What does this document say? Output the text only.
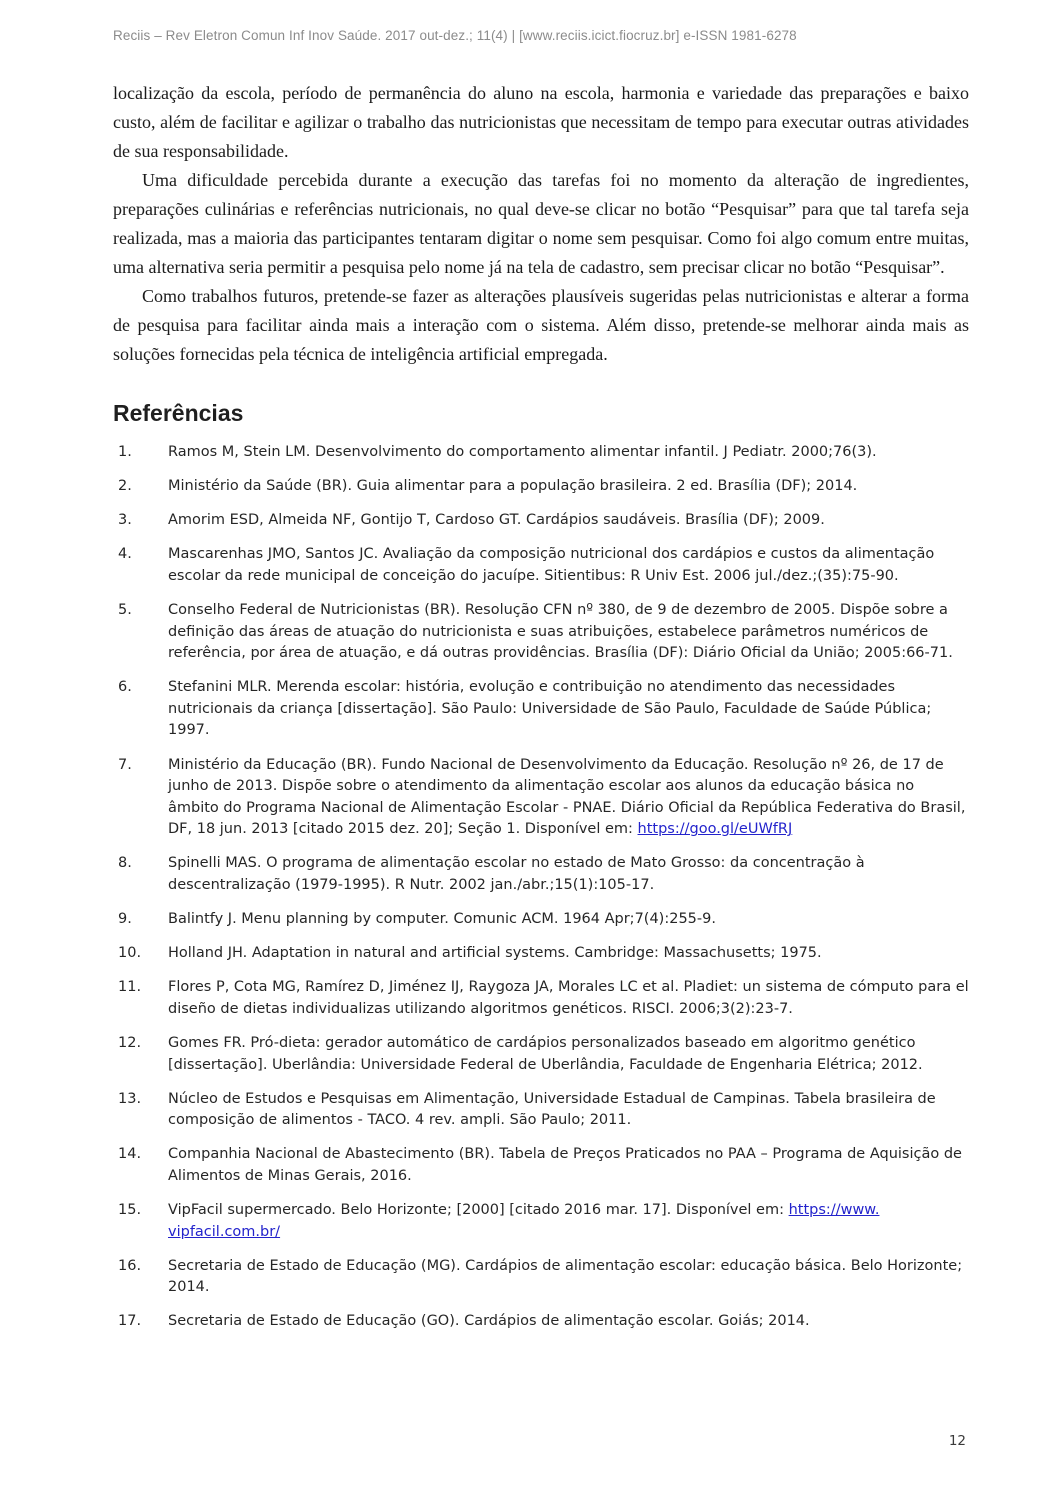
Reciis – Rev Eletron Comun Inf Inov Saúde. 2017 out-dez.; 11(4) | [www.reciis.icict.fiocruz.br] e-ISSN 1981-6278

localização da escola, período de permanência do aluno na escola, harmonia e variedade das preparações e baixo custo, além de facilitar e agilizar o trabalho das nutricionistas que necessitam de tempo para executar outras atividades de sua responsabilidade.

Uma dificuldade percebida durante a execução das tarefas foi no momento da alteração de ingredientes, preparações culinárias e referências nutricionais, no qual deve-se clicar no botão “Pesquisar” para que tal tarefa seja realizada, mas a maioria das participantes tentaram digitar o nome sem pesquisar. Como foi algo comum entre muitas, uma alternativa seria permitir a pesquisa pelo nome já na tela de cadastro, sem precisar clicar no botão “Pesquisar”.

Como trabalhos futuros, pretende-se fazer as alterações plausíveis sugeridas pelas nutricionistas e alterar a forma de pesquisa para facilitar ainda mais a interação com o sistema. Além disso, pretende-se melhorar ainda mais as soluções fornecidas pela técnica de inteligência artificial empregada.

Referências
1.	Ramos M, Stein LM. Desenvolvimento do comportamento alimentar infantil. J Pediatr. 2000;76(3).
2.	Ministério da Saúde (BR). Guia alimentar para a população brasileira. 2 ed. Brasília (DF); 2014.
3.	Amorim ESD, Almeida NF, Gontijo T, Cardoso GT. Cardápios saudáveis. Brasília (DF); 2009.
4.	Mascarenhas JMO, Santos JC. Avaliação da composição nutricional dos cardápios e custos da alimentação escolar da rede municipal de conceição do jacuípe. Sitientibus: R Univ Est. 2006 jul./dez.;(35):75-90.
5.	Conselho Federal de Nutricionistas (BR). Resolução CFN nº 380, de 9 de dezembro de 2005. Dispõe sobre a definição das áreas de atuação do nutricionista e suas atribuições, estabelece parâmetros numéricos de referência, por área de atuação, e dá outras providências. Brasília (DF): Diário Oficial da União; 2005:66-71.
6.	Stefanini MLR. Merenda escolar: história, evolução e contribuição no atendimento das necessidades nutricionais da criança [dissertação]. São Paulo: Universidade de São Paulo, Faculdade de Saúde Pública; 1997.
7.	Ministério da Educação (BR). Fundo Nacional de Desenvolvimento da Educação. Resolução nº 26, de 17 de junho de 2013. Dispõe sobre o atendimento da alimentação escolar aos alunos da educação básica no âmbito do Programa Nacional de Alimentação Escolar - PNAE. Diário Oficial da República Federativa do Brasil, DF, 18 jun. 2013 [citado 2015 dez. 20]; Seção 1. Disponível em: https://goo.gl/eUWfRJ
8.	Spinelli MAS. O programa de alimentação escolar no estado de Mato Grosso: da concentração à descentralização (1979-1995). R Nutr. 2002 jan./abr.;15(1):105-17.
9.	Balintfy J. Menu planning by computer. Comunic ACM. 1964 Apr;7(4):255-9.
10.	Holland JH. Adaptation in natural and artificial systems. Cambridge: Massachusetts; 1975.
11.	Flores P, Cota MG, Ramírez D, Jiménez IJ, Raygoza JA, Morales LC et al. Pladiet: un sistema de cómputo para el diseño de dietas individualizas utilizando algoritmos genéticos. RISCI. 2006;3(2):23-7.
12.	Gomes FR. Pró-dieta: gerador automático de cardápios personalizados baseado em algoritmo genético [dissertação]. Uberlândia: Universidade Federal de Uberlândia, Faculdade de Engenharia Elétrica; 2012.
13.	Núcleo de Estudos e Pesquisas em Alimentação, Universidade Estadual de Campinas. Tabela brasileira de composição de alimentos - TACO. 4 rev. ampli. São Paulo; 2011.
14.	Companhia Nacional de Abastecimento (BR). Tabela de Preços Praticados no PAA – Programa de Aquisição de Alimentos de Minas Gerais, 2016.
15.	VipFacil supermercado. Belo Horizonte; [2000] [citado 2016 mar. 17]. Disponível em: https://www.
vipfacil.com.br/
16.	Secretaria de Estado de Educação (MG). Cardápios de alimentação escolar: educação básica. Belo Horizonte; 2014.
17.	Secretaria de Estado de Educação (GO). Cardápios de alimentação escolar. Goiás; 2014.
12
